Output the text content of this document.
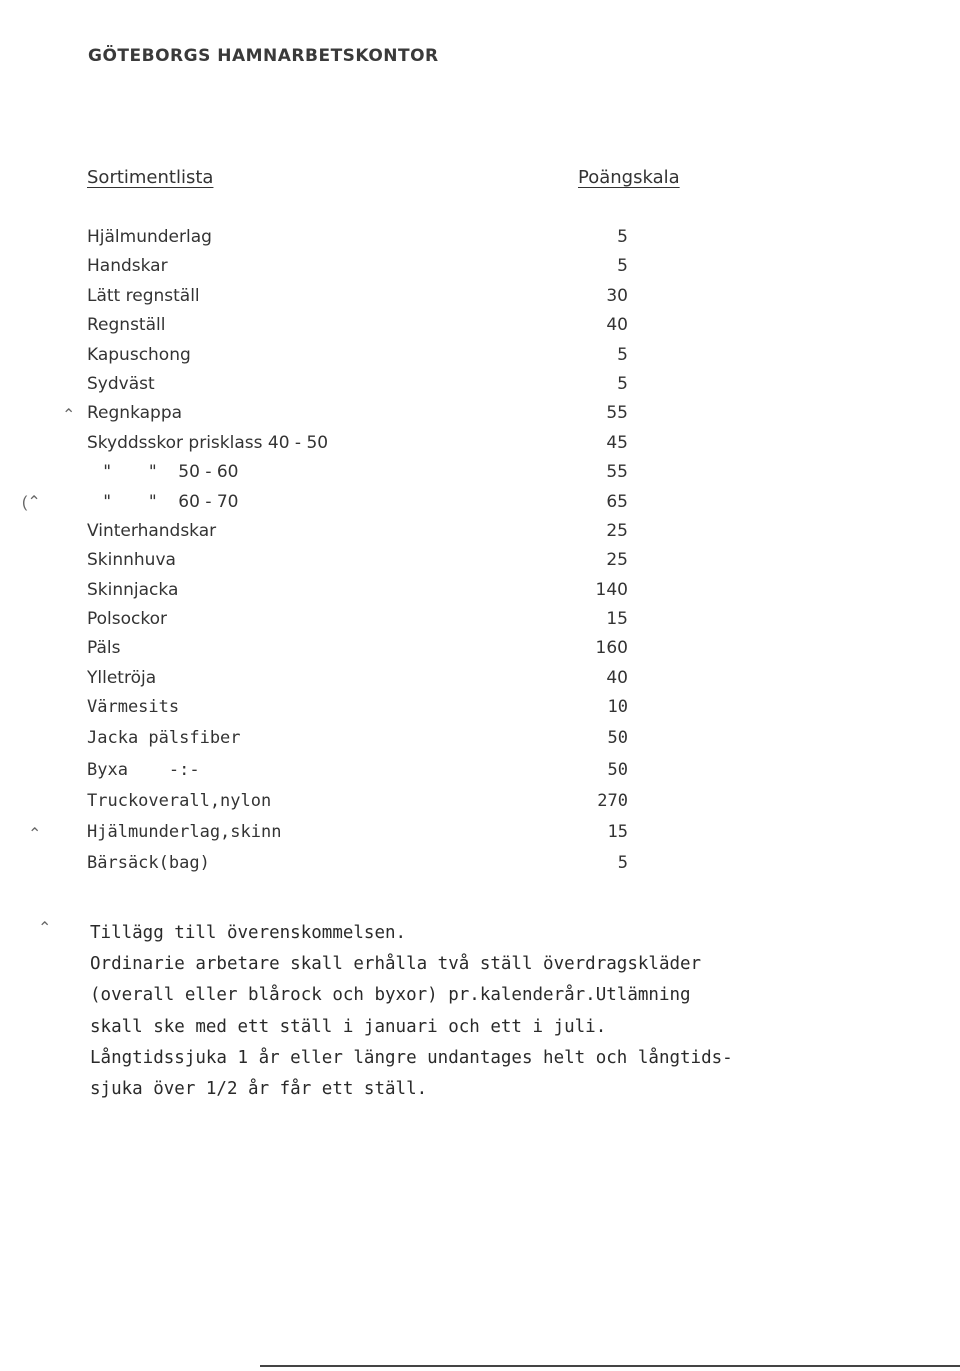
GÖTEBORGS HAMNARBETSKONTOR
Sortimentlista	Poängskala
Hjälmunderlag	5
Handskar	5
Lätt regnställ	30
Regnställ	40
Kapuschong	5
Sydväst	5
Regnkappa	55
Skyddsskor prisklass 40 - 50	45
"       "    50 - 60	55
"       "    60 - 70	65
Vinterhandskar	25
Skinnhuva	25
Skinnjacka	140
Polsockor	15
Päls	160
Ylletröja	40
Värmesits	10
Jacka pälsfiber	50
Byxa    -:-	50
Truckoverall,nylon	270
Hjälmunderlag,skinn	15
Bärsäck(bag)	5
Tillägg till överenskommelsen.
Ordinarie arbetare skall erhålla två ställ överdragskläder
(overall eller blårock och byxor) pr.kalenderår.Utlämning
skall ske med ett ställ i januari och ett i juli.
Långtidssjuka 1 år eller längre undantages helt och långtids-
sjuka över 1/2 år får ett ställ.
⌃
(⌃
⌃
⌃
